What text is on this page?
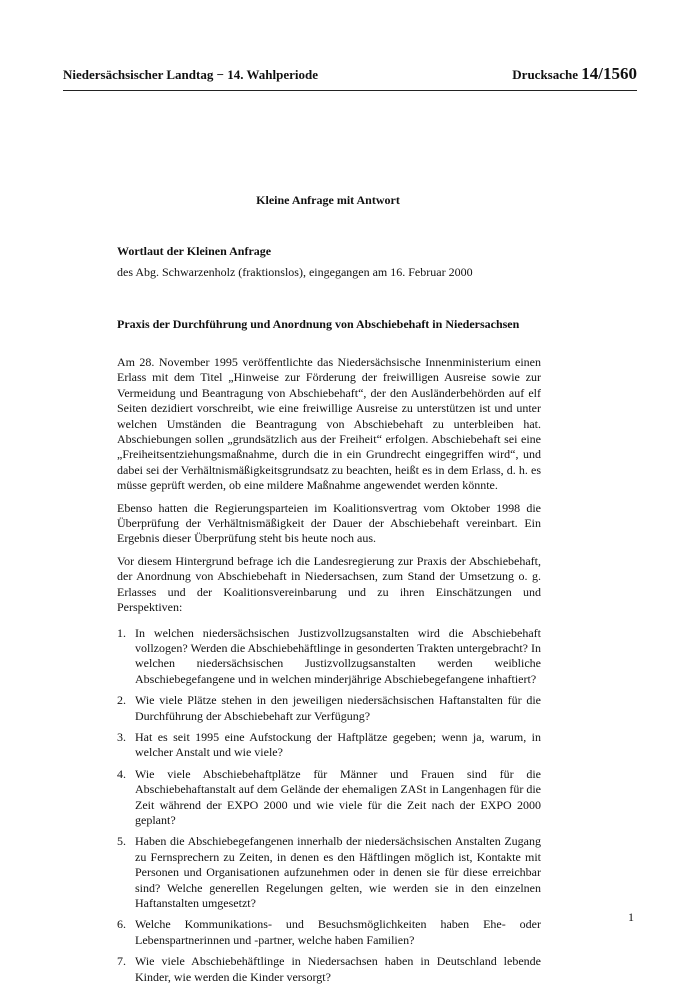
Niedersächsischer Landtag − 14. Wahlperiode	Drucksache 14/1560
Kleine Anfrage mit Antwort
Wortlaut der Kleinen Anfrage
des Abg. Schwarzenholz (fraktionslos), eingegangen am 16. Februar 2000
Praxis der Durchführung und Anordnung von Abschiebehaft in Niedersachsen

Am 28. November 1995 veröffentlichte das Niedersächsische Innenministerium einen Erlass mit dem Titel „Hinweise zur Förderung der freiwilligen Ausreise sowie zur Vermeidung und Beantragung von Abschiebehaft“, der den Ausländerbehörden auf elf Seiten dezidiert vorschreibt, wie eine freiwillige Ausreise zu unterstützen ist und unter welchen Umständen die Beantragung von Abschiebehaft zu unterbleiben hat. Abschiebungen sollen „grundsätzlich aus der Freiheit“ erfolgen. Abschiebehaft sei eine „Freiheitsentziehungsmaßnahme, durch die in ein Grundrecht eingegriffen wird“, und dabei sei der Verhältnismäßigkeitsgrundsatz zu beachten, heißt es in dem Erlass, d. h. es müsse geprüft werden, ob eine mildere Maßnahme angewendet werden könnte.

Ebenso hatten die Regierungsparteien im Koalitionsvertrag vom Oktober 1998 die Überprüfung der Verhältnismäßigkeit der Dauer der Abschiebehaft vereinbart. Ein Ergebnis dieser Überprüfung steht bis heute noch aus.

Vor diesem Hintergrund befrage ich die Landesregierung zur Praxis der Abschiebehaft, der Anordnung von Abschiebehaft in Niedersachsen, zum Stand der Umsetzung o. g. Erlasses und der Koalitionsvereinbarung und zu ihren Einschätzungen und Perspektiven:

1. In welchen niedersächsischen Justizvollzugsanstalten wird die Abschiebehaft vollzogen? Werden die Abschiebehäftlinge in gesonderten Trakten untergebracht? In welchen niedersächsischen Justizvollzugsanstalten werden weibliche Abschiebegefangene und in welchen minderjährige Abschiebegefangene inhaftiert?
2. Wie viele Plätze stehen in den jeweiligen niedersächsischen Haftanstalten für die Durchführung der Abschiebehaft zur Verfügung?
3. Hat es seit 1995 eine Aufstockung der Haftplätze gegeben; wenn ja, warum, in welcher Anstalt und wie viele?
4. Wie viele Abschiebehaftplätze für Männer und Frauen sind für die Abschiebehaftanstalt auf dem Gelände der ehemaligen ZASt in Langenhagen für die Zeit während der EXPO 2000 und wie viele für die Zeit nach der EXPO 2000 geplant?
5. Haben die Abschiebegefangenen innerhalb der niedersächsischen Anstalten Zugang zu Fernsprechern zu Zeiten, in denen es den Häftlingen möglich ist, Kontakte mit Personen und Organisationen aufzunehmen oder in denen sie für diese erreichbar sind? Welche generellen Regelungen gelten, wie werden sie in den einzelnen Haftanstalten umgesetzt?
6. Welche Kommunikations- und Besuchsmöglichkeiten haben Ehe- oder Lebenspartnerinnen und -partner, welche haben Familien?
7. Wie viele Abschiebehäftlinge in Niedersachsen haben in Deutschland lebende Kinder, wie werden die Kinder versorgt?
1
